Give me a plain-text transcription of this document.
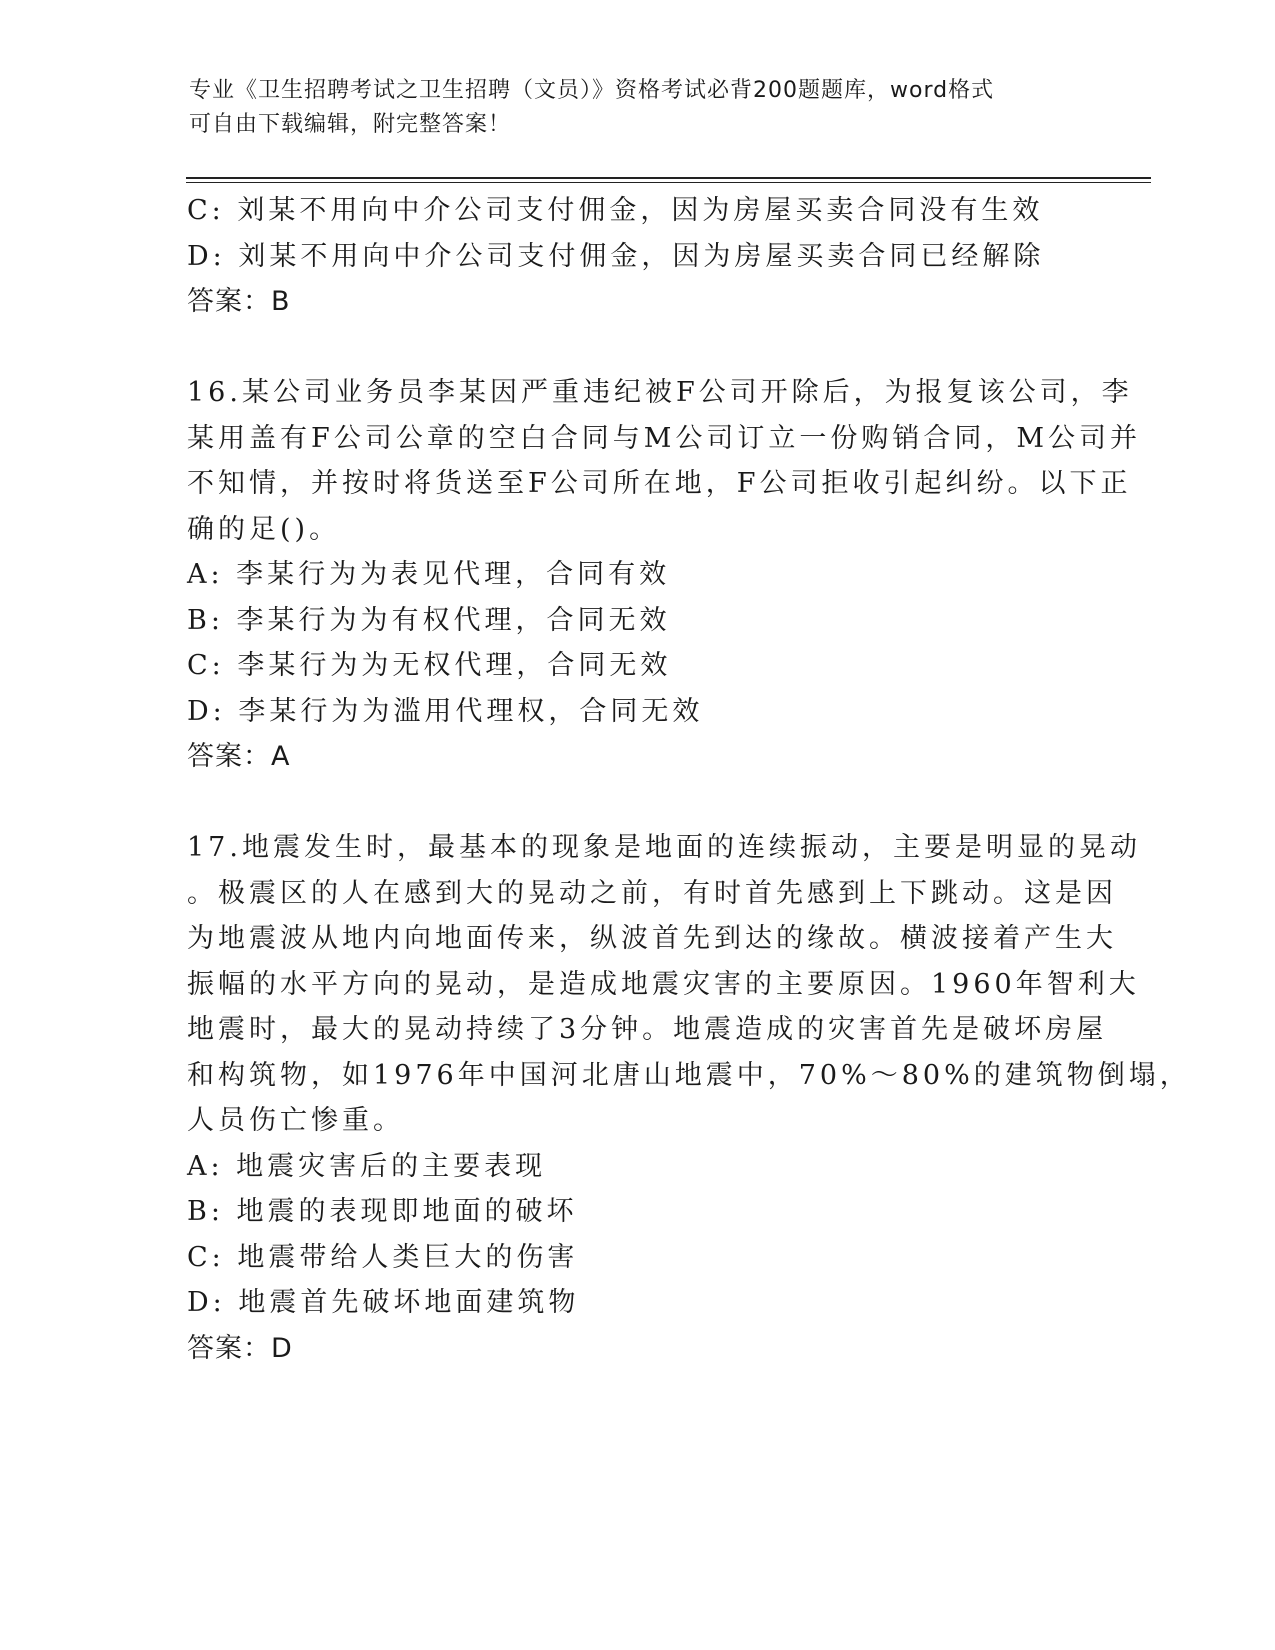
专业《卫生招聘考试之卫生招聘（文员）》资格考试必背200题题库，word格式
可自由下载编辑，附完整答案！
C: 刘某不用向中介公司支付佣金，因为房屋买卖合同没有生效
D: 刘某不用向中介公司支付佣金，因为房屋买卖合同已经解除
答案：B
16.某公司业务员李某因严重违纪被F公司开除后，为报复该公司，李
某用盖有F公司公章的空白合同与M公司订立一份购销合同，M公司并
不知情，并按时将货送至F公司所在地，F公司拒收引起纠纷。以下正
确的足()。
A: 李某行为为表见代理，合同有效
B: 李某行为为有权代理，合同无效
C: 李某行为为无权代理，合同无效
D: 李某行为为滥用代理权，合同无效
答案：A
17.地震发生时，最基本的现象是地面的连续振动，主要是明显的晃动
。极震区的人在感到大的晃动之前，有时首先感到上下跳动。这是因
为地震波从地内向地面传来，纵波首先到达的缘故。横波接着产生大
振幅的水平方向的晃动，是造成地震灾害的主要原因。1960年智利大
地震时，最大的晃动持续了3分钟。地震造成的灾害首先是破坏房屋
和构筑物，如1976年中国河北唐山地震中，70%～80%的建筑物倒塌，
人员伤亡惨重。
A: 地震灾害后的主要表现
B: 地震的表现即地面的破坏
C: 地震带给人类巨大的伤害
D: 地震首先破坏地面建筑物
答案：D
